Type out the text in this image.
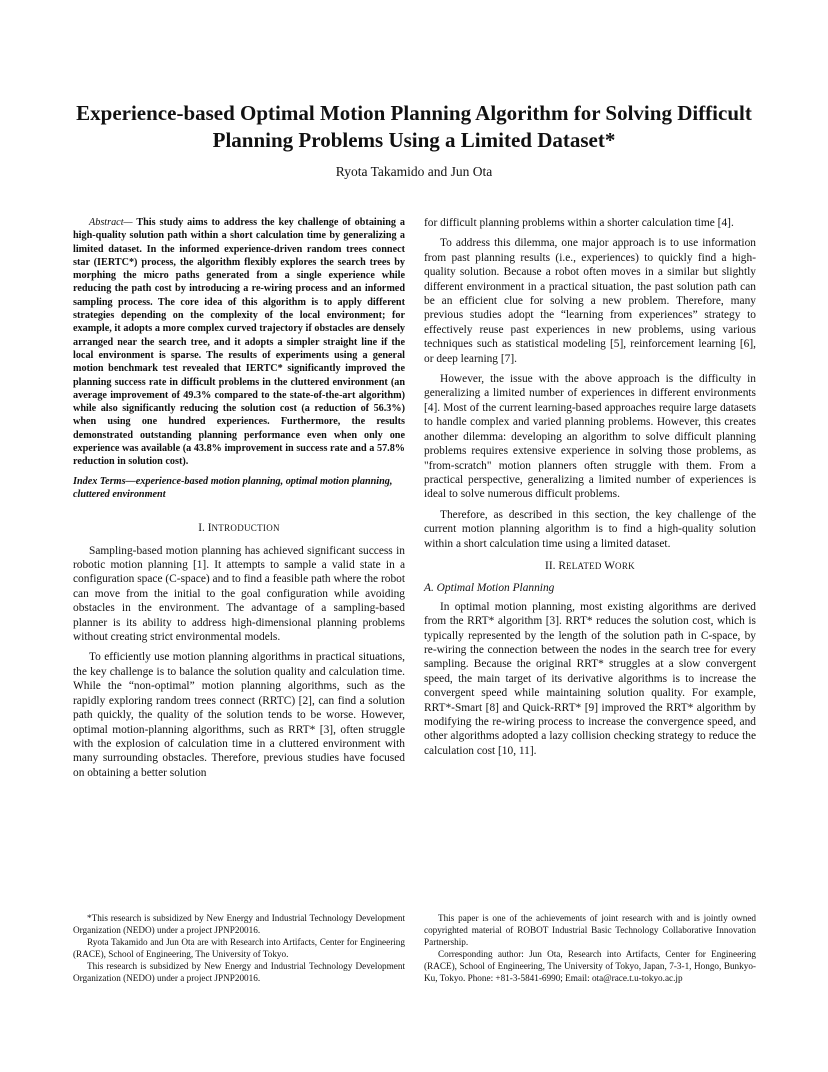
Experience-based Optimal Motion Planning Algorithm for Solving Difficult Planning Problems Using a Limited Dataset*
Ryota Takamido and Jun Ota

Abstract— This study aims to address the key challenge of obtaining a high-quality solution path within a short calculation time by generalizing a limited dataset. In the informed experience-driven random trees connect star (IERTC*) process, the algorithm flexibly explores the search trees by morphing the micro paths generated from a single experience while reducing the path cost by introducing a re-wiring process and an informed sampling process. The core idea of this algorithm is to apply different strategies depending on the complexity of the local environment; for example, it adopts a more complex curved trajectory if obstacles are densely arranged near the search tree, and it adopts a simpler straight line if the local environment is sparse. The results of experiments using a general motion benchmark test revealed that IERTC* significantly improved the planning success rate in difficult problems in the cluttered environment (an average improvement of 49.3% compared to the state-of-the-art algorithm) while also significantly reducing the solution cost (a reduction of 56.3%) when using one hundred experiences. Furthermore, the results demonstrated outstanding planning performance even when only one experience was available (a 43.8% improvement in success rate and a 57.8% reduction in solution cost).

Index Terms—experience-based motion planning, optimal motion planning, cluttered environment
I. INTRODUCTION

Sampling-based motion planning has achieved significant success in robotic motion planning [1]. It attempts to sample a valid state in a configuration space (C-space) and to find a feasible path where the robot can move from the initial to the goal configuration while avoiding obstacles in the environment. The advantage of a sampling-based planner is its ability to address high-dimensional planning problems without creating strict environmental models.

To efficiently use motion planning algorithms in practical situations, the key challenge is to balance the solution quality and calculation time. While the “non-optimal” motion planning algorithms, such as the rapidly exploring random trees connect (RRTC) [2], can find a solution path quickly, the quality of the solution tends to be worse. However, optimal motion-planning algorithms, such as RRT* [3], often struggle with the explosion of calculation time in a cluttered environment with many surrounding obstacles. Therefore, previous studies have focused on obtaining a better solution

for difficult planning problems within a shorter calculation time [4].

To address this dilemma, one major approach is to use information from past planning results (i.e., experiences) to quickly find a high-quality solution. Because a robot often moves in a similar but slightly different environment in a practical situation, the past solution path can be an efficient clue for solving a new problem. Therefore, many previous studies adopt the “learning from experiences” strategy to effectively reuse past experiences in new problems, using various techniques such as statistical modeling [5], reinforcement learning [6], or deep learning [7].

However, the issue with the above approach is the difficulty in generalizing a limited number of experiences in different environments [4]. Most of the current learning-based approaches require large datasets to handle complex and varied planning problems. However, this creates another dilemma: developing an algorithm to solve difficult planning problems requires extensive experience in solving those problems, as "from-scratch" motion planners often struggle with them. From a practical perspective, generalizing a limited number of experiences is ideal to solve numerous difficult problems.

Therefore, as described in this section, the key challenge of the current motion planning algorithm is to find a high-quality solution within a short calculation time using a limited dataset.

II. RELATED WORK
A. Optimal Motion Planning

In optimal motion planning, most existing algorithms are derived from the RRT* algorithm [3]. RRT* reduces the solution cost, which is typically represented by the length of the solution path in C-space, by re-wiring the connection between the nodes in the search tree for every sampling. Because the original RRT* struggles at a slow convergent speed, the main target of its derivative algorithms is to increase the convergent speed while maintaining solution quality. For example, RRT*-Smart [8] and Quick-RRT* [9] improved the RRT* algorithm by modifying the re-wiring process to increase the convergence speed, and other algorithms adopted a lazy collision checking strategy to reduce the calculation cost [10, 11].

*This research is subsidized by New Energy and Industrial Technology Development Organization (NEDO) under a project JPNP20016.

Ryota Takamido and Jun Ota are with Research into Artifacts, Center for Engineering (RACE), School of Engineering, The University of Tokyo.

This research is subsidized by New Energy and Industrial Technology Development Organization (NEDO) under a project JPNP20016.

This paper is one of the achievements of joint research with and is jointly owned copyrighted material of ROBOT Industrial Basic Technology Collaborative Innovation Partnership.

Corresponding author: Jun Ota, Research into Artifacts, Center for Engineering (RACE), School of Engineering, The University of Tokyo, Japan, 7-3-1, Hongo, Bunkyo-Ku, Tokyo. Phone: +81-3-5841-6990; Email: ota@race.t.u-tokyo.ac.jp
